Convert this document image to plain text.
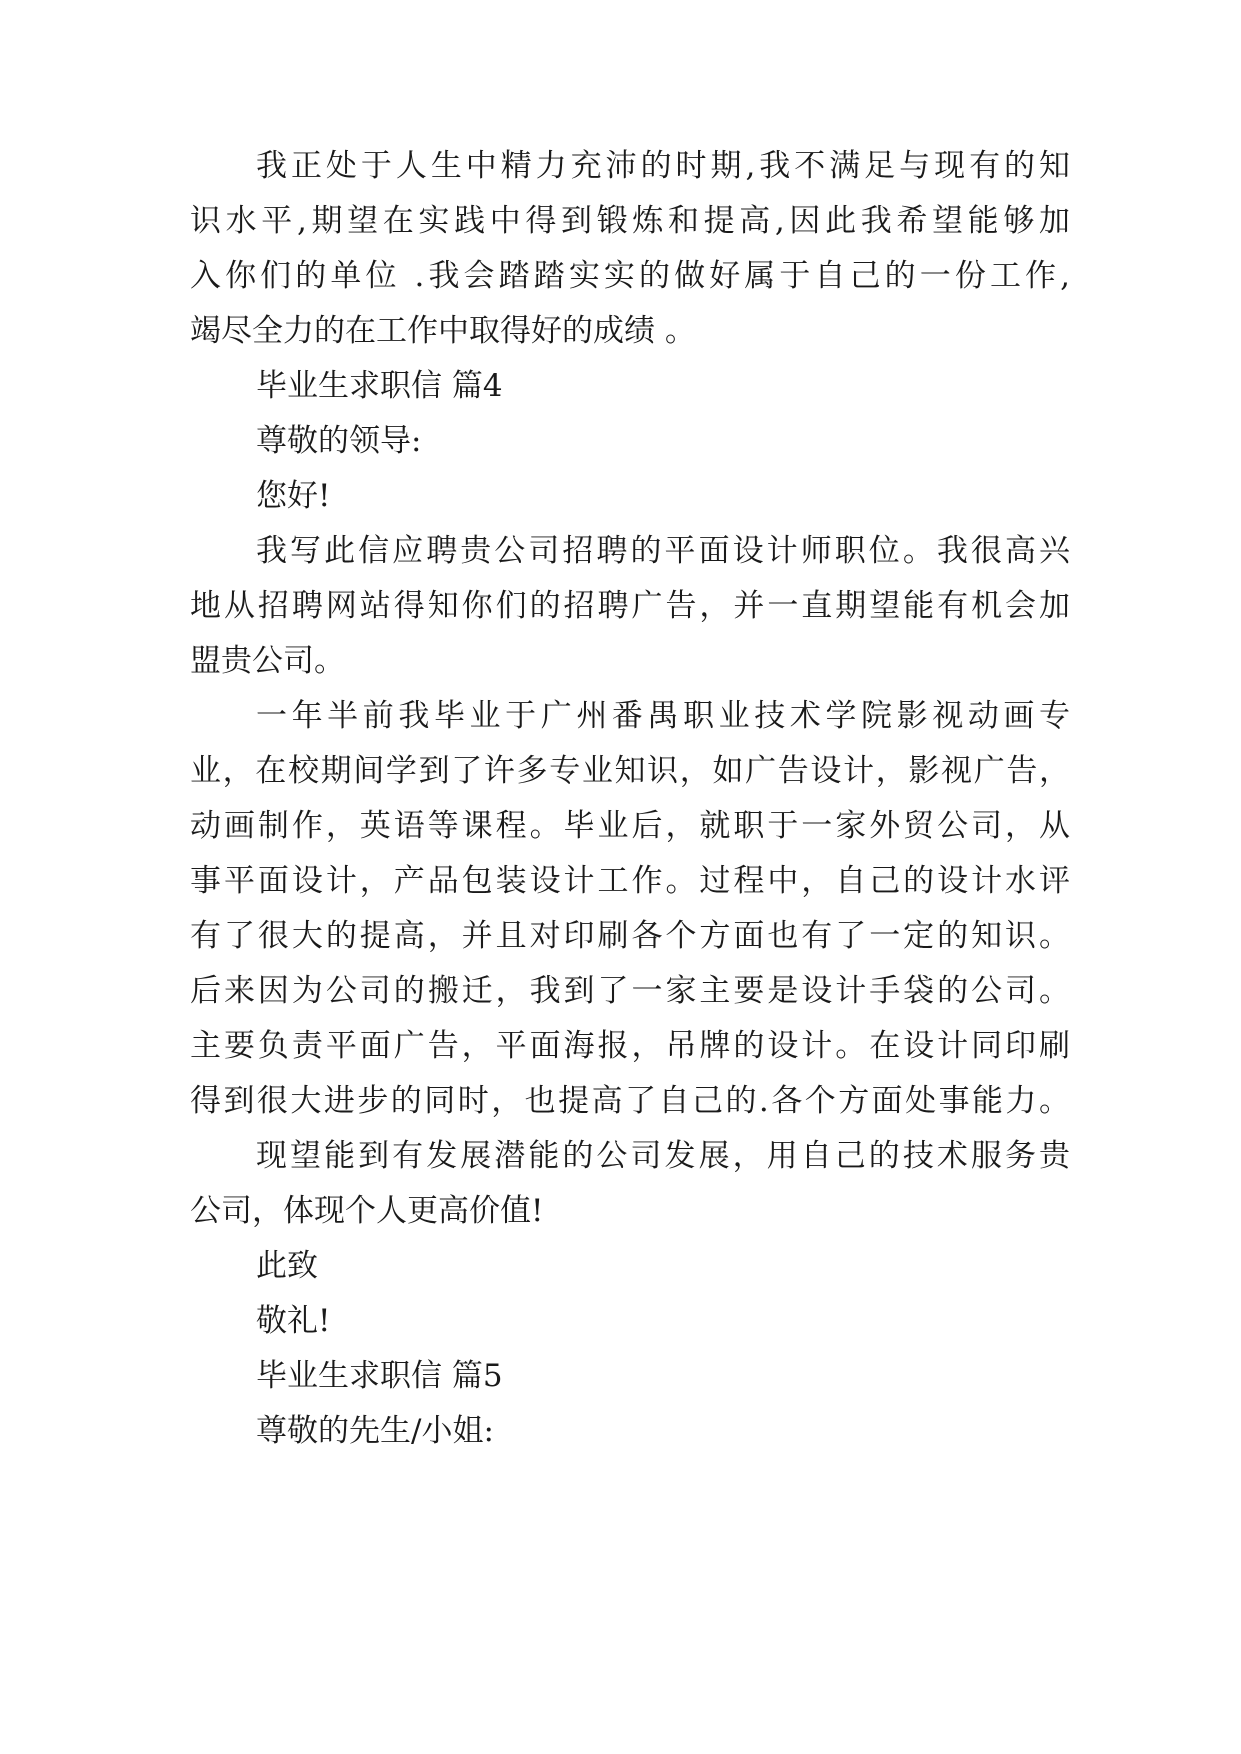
我正处于人生中精力充沛的时期,我不满足与现有的知
识水平,期望在实践中得到锻炼和提高,因此我希望能够加
入你们的单位 .我会踏踏实实的做好属于自己的一份工作,
竭尽全力的在工作中取得好的成绩 。
毕业生求职信 篇4
尊敬的领导:
您好!
我写此信应聘贵公司招聘的平面设计师职位。我很高兴
地从招聘网站得知你们的招聘广告，并一直期望能有机会加
盟贵公司。
一年半前我毕业于广州番禺职业技术学院影视动画专
业，在校期间学到了许多专业知识，如广告设计，影视广告，
动画制作，英语等课程。毕业后，就职于一家外贸公司，从
事平面设计，产品包装设计工作。过程中，自己的设计水评
有了很大的提高，并且对印刷各个方面也有了一定的知识。
后来因为公司的搬迁，我到了一家主要是设计手袋的公司。
主要负责平面广告，平面海报，吊牌的设计。在设计同印刷
得到很大进步的同时，也提高了自己的.各个方面处事能力。
现望能到有发展潜能的公司发展，用自己的技术服务贵
公司，体现个人更高价值!
此致
敬礼!
毕业生求职信 篇5
尊敬的先生/小姐:
